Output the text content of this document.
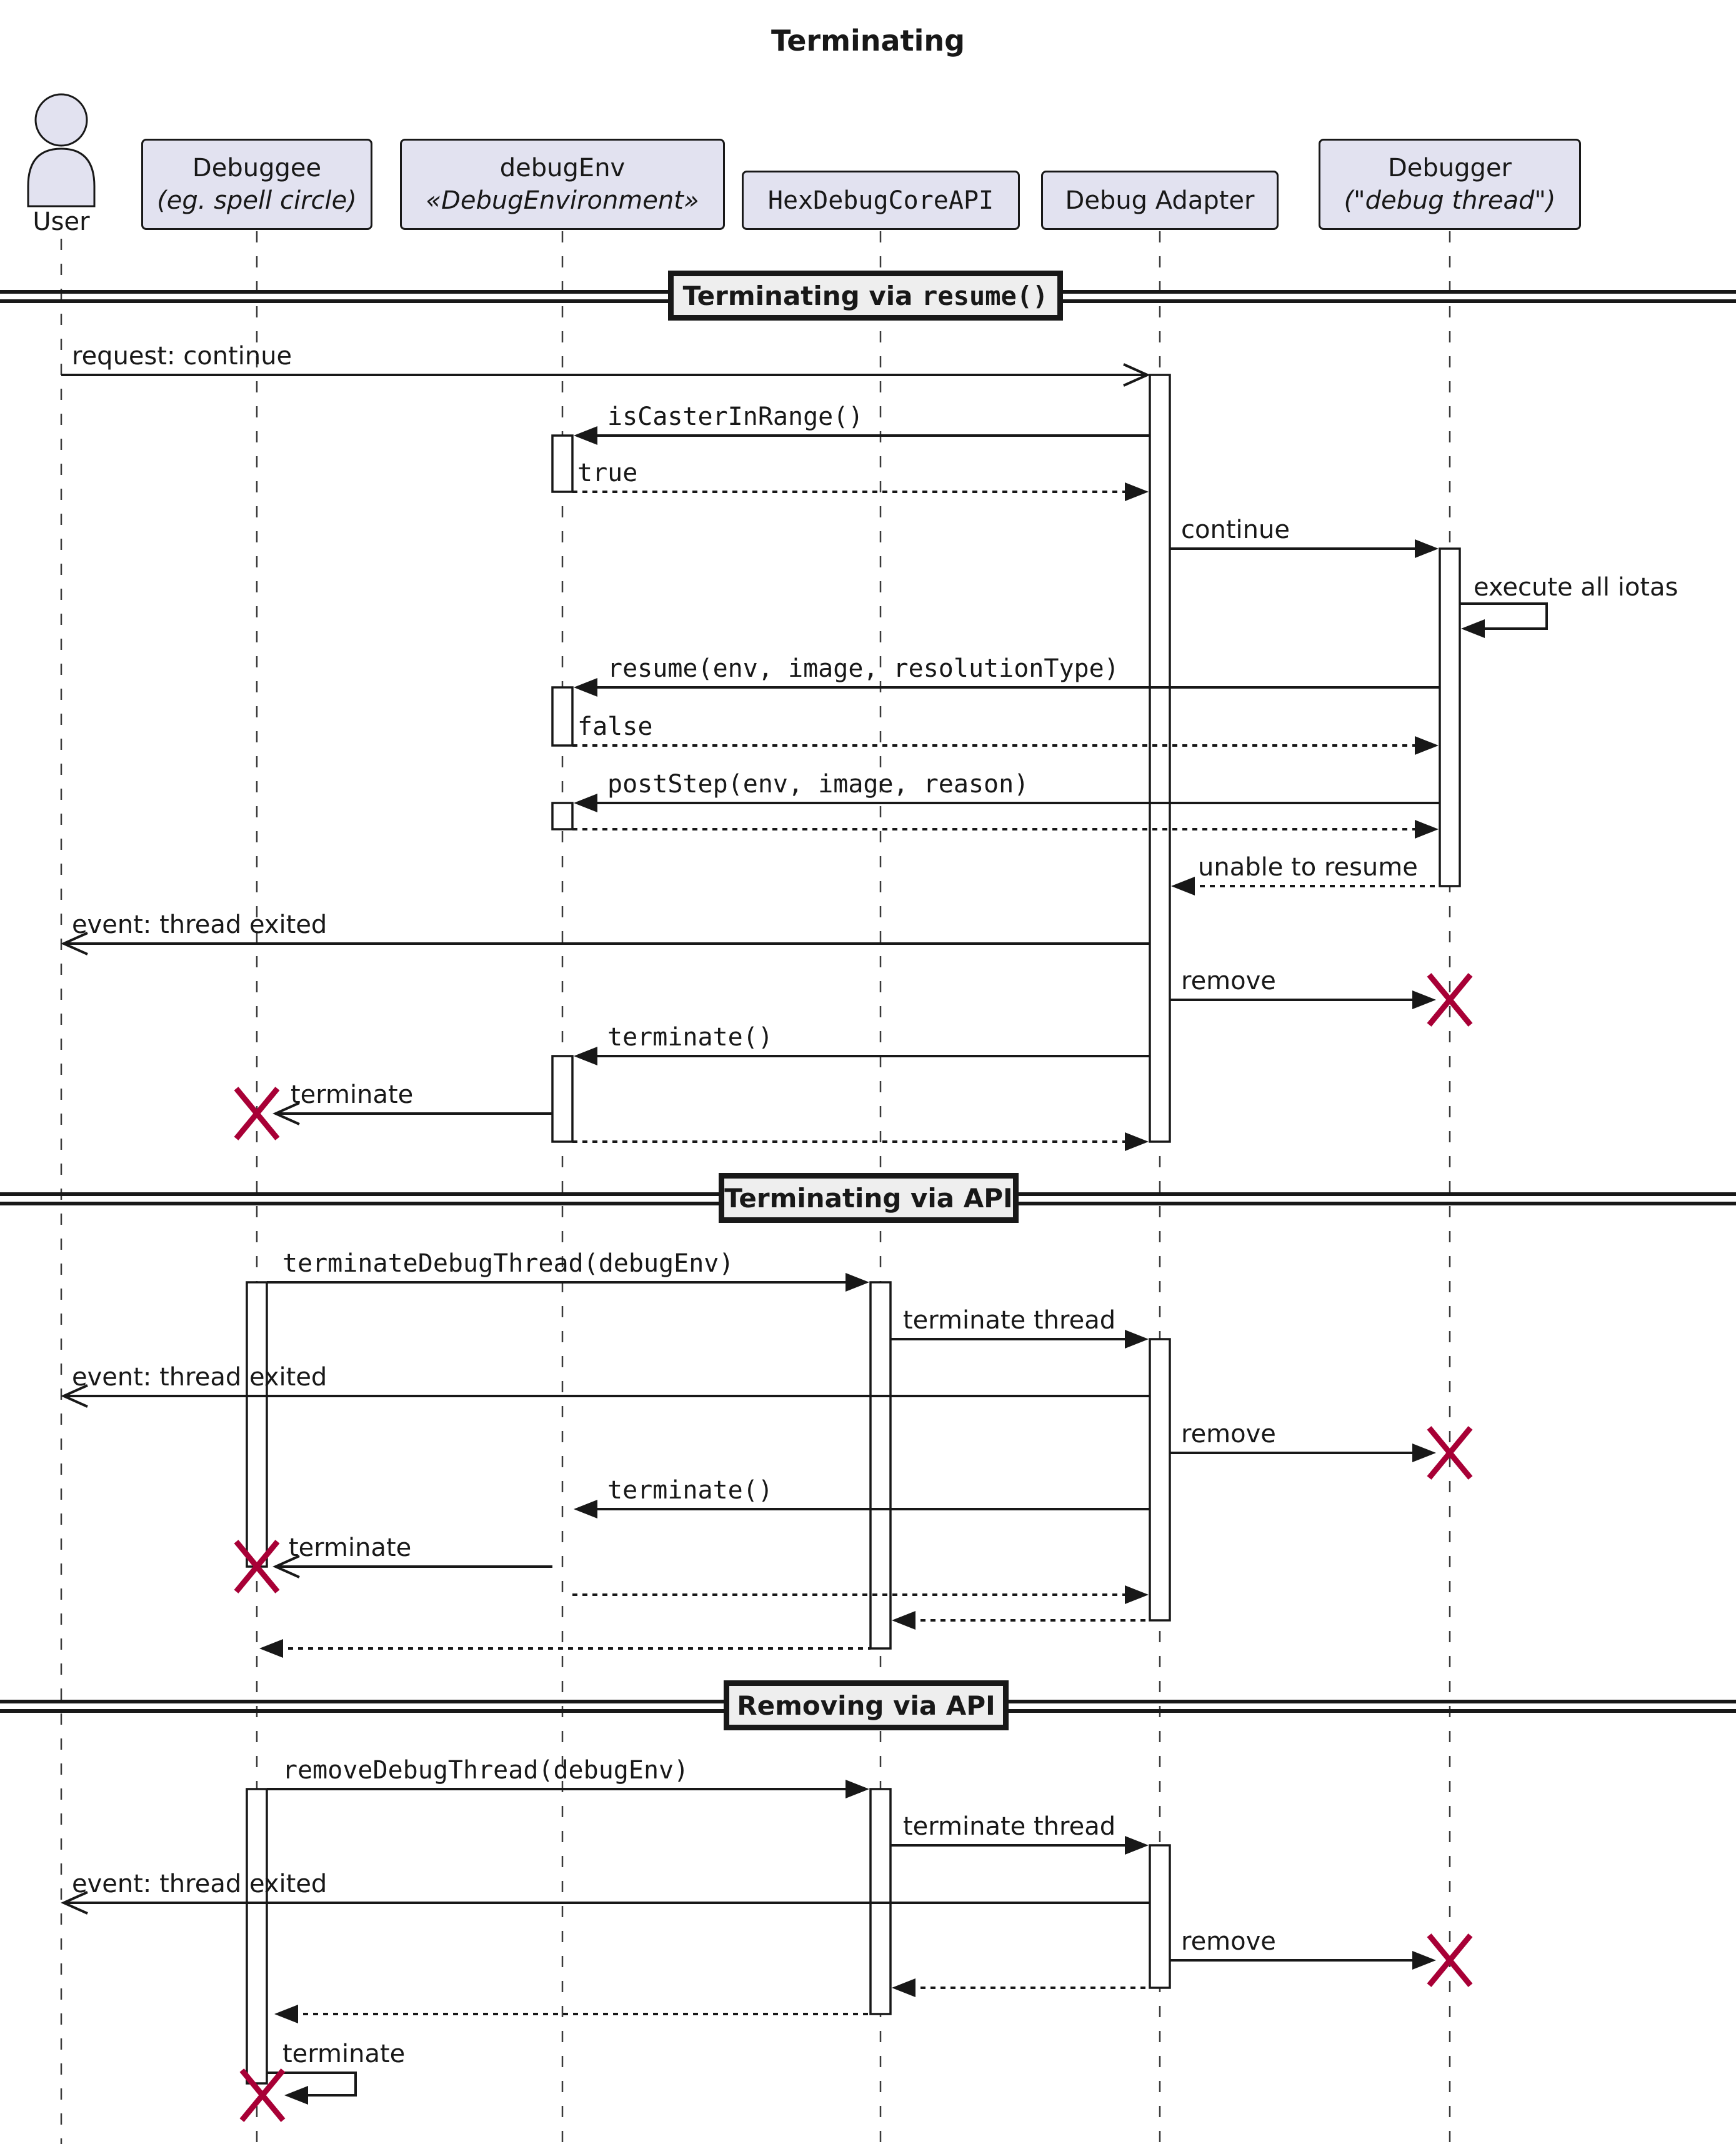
Terminating
User
Debuggee
(eg. spell circle)
debugEnv
«DebugEnvironment»	HexDebugCoreAPI	Debug Adapter
Debugger
("debug thread")
Terminating via resume()
Terminating via API
Removing via API
request: continue
isCasterInRange()
true
continue
execute all iotas
resume(env, image, resolutionType)
false
postStep(env, image, reason)
unable to resume
event: thread exited
remove
terminate()
terminate
terminateDebugThread(debugEnv)
terminate thread
event: thread exited
remove
terminate()
terminate
removeDebugThread(debugEnv)
terminate thread
event: thread exited
remove
terminate
